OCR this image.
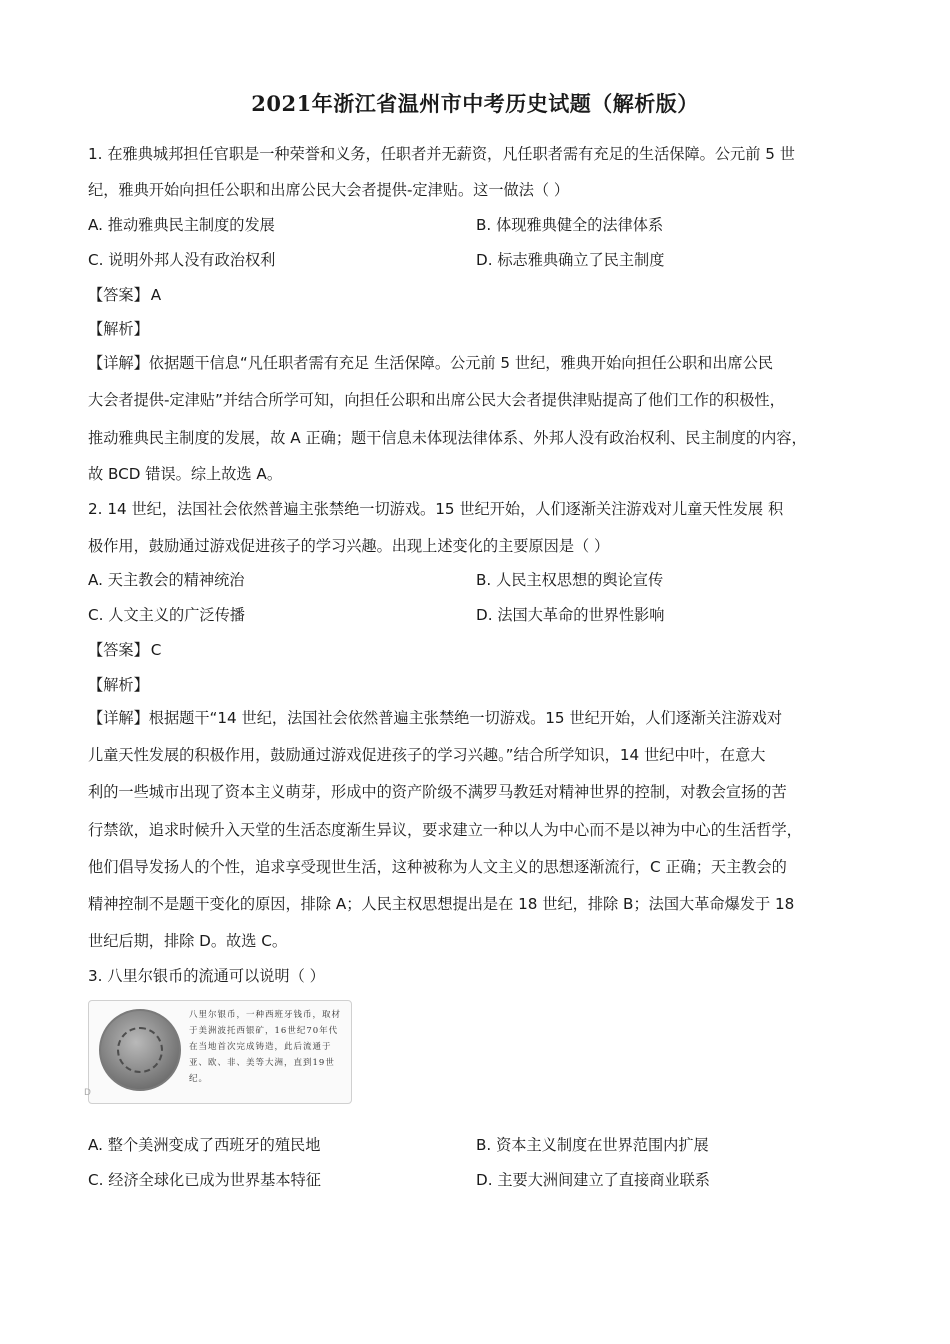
2021年浙江省温州市中考历史试题（解析版）
1. 在雅典城邦担任官职是一种荣誉和义务，任职者并无薪资，凡任职者需有充足的生活保障。公元前 5 世
纪，雅典开始向担任公职和出席公民大会者提供-定津贴。这一做法（ ）
A. 推动雅典民主制度的发展	B. 体现雅典健全的法律体系
C. 说明外邦人没有政治权利	D. 标志雅典确立了民主制度
【答案】 A
【解析】
【详解】依据题干信息“凡任职者需有充足 生活保障。公元前 5 世纪，雅典开始向担任公职和出席公民
大会者提供-定津贴”并结合所学可知，向担任公职和出席公民大会者提供津贴提高了他们工作的积极性，
推动雅典民主制度的发展，故 A 正确；题干信息未体现法律体系、外邦人没有政治权利、民主制度的内容，
故 BCD 错误。综上故选 A。
2. 14 世纪，法国社会依然普遍主张禁绝一切游戏。15 世纪开始，人们逐渐关注游戏对儿童天性发展 积
极作用，鼓励通过游戏促进孩子的学习兴趣。出现上述变化的主要原因是（ ）
A. 天主教会的精神统治	B. 人民主权思想的舆论宣传
C. 人文主义的广泛传播	D. 法国大革命的世界性影响
【答案】 C
【解析】
【详解】根据题干“14 世纪，法国社会依然普遍主张禁绝一切游戏。15 世纪开始，人们逐渐关注游戏对
儿童天性发展的积极作用，鼓励通过游戏促进孩子的学习兴趣。”结合所学知识，14 世纪中叶，在意大
利的一些城市出现了资本主义萌芽，形成中的资产阶级不满罗马教廷对精神世界的控制，对教会宣扬的苦
行禁欲，追求时候升入天堂的生活态度渐生异议，要求建立一种以人为中心而不是以神为中心的生活哲学，
他们倡导发扬人的个性，追求享受现世生活，这种被称为人文主义的思想逐渐流行，C 正确；天主教会的
精神控制不是题干变化的原因，排除 A；人民主权思想提出是在 18 世纪，排除 B；法国大革命爆发于 18
世纪后期，排除 D。故选 C。
3. 八里尔银币的流通可以说明（ ）
八里尔银币，一种西班牙钱币，取材于美洲波托西银矿，16世纪70年代在当地首次完成铸造，此后流通于亚、欧、非、美等大洲，直到19世纪。
D
A. 整个美洲变成了西班牙的殖民地	B. 资本主义制度在世界范围内扩展
C. 经济全球化已成为世界基本特征	D. 主要大洲间建立了直接商业联系
